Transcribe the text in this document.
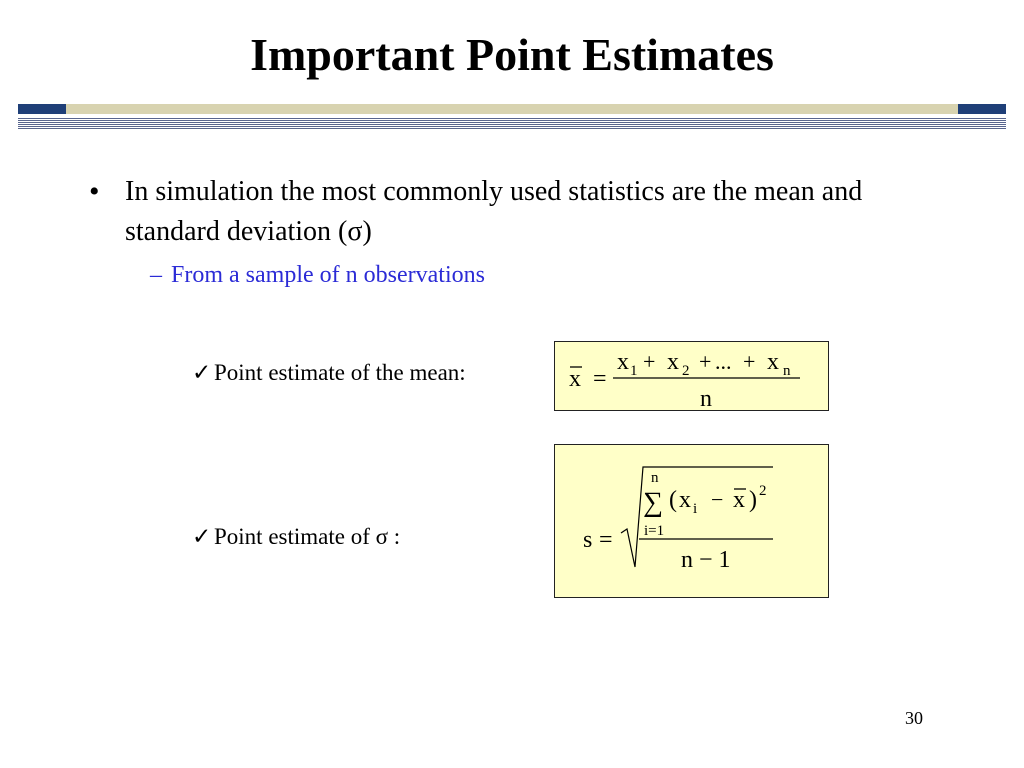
Important Point Estimates
• In simulation the most commonly used statistics are the mean and standard deviation (σ)
– From a sample of n observations
✓ Point estimate of the mean:
✓ Point estimate of σ :
x =
x 1 + x 2 + ... + x n
n
s =
n
∑
i=1
( x i − x ) 2
n − 1
30
